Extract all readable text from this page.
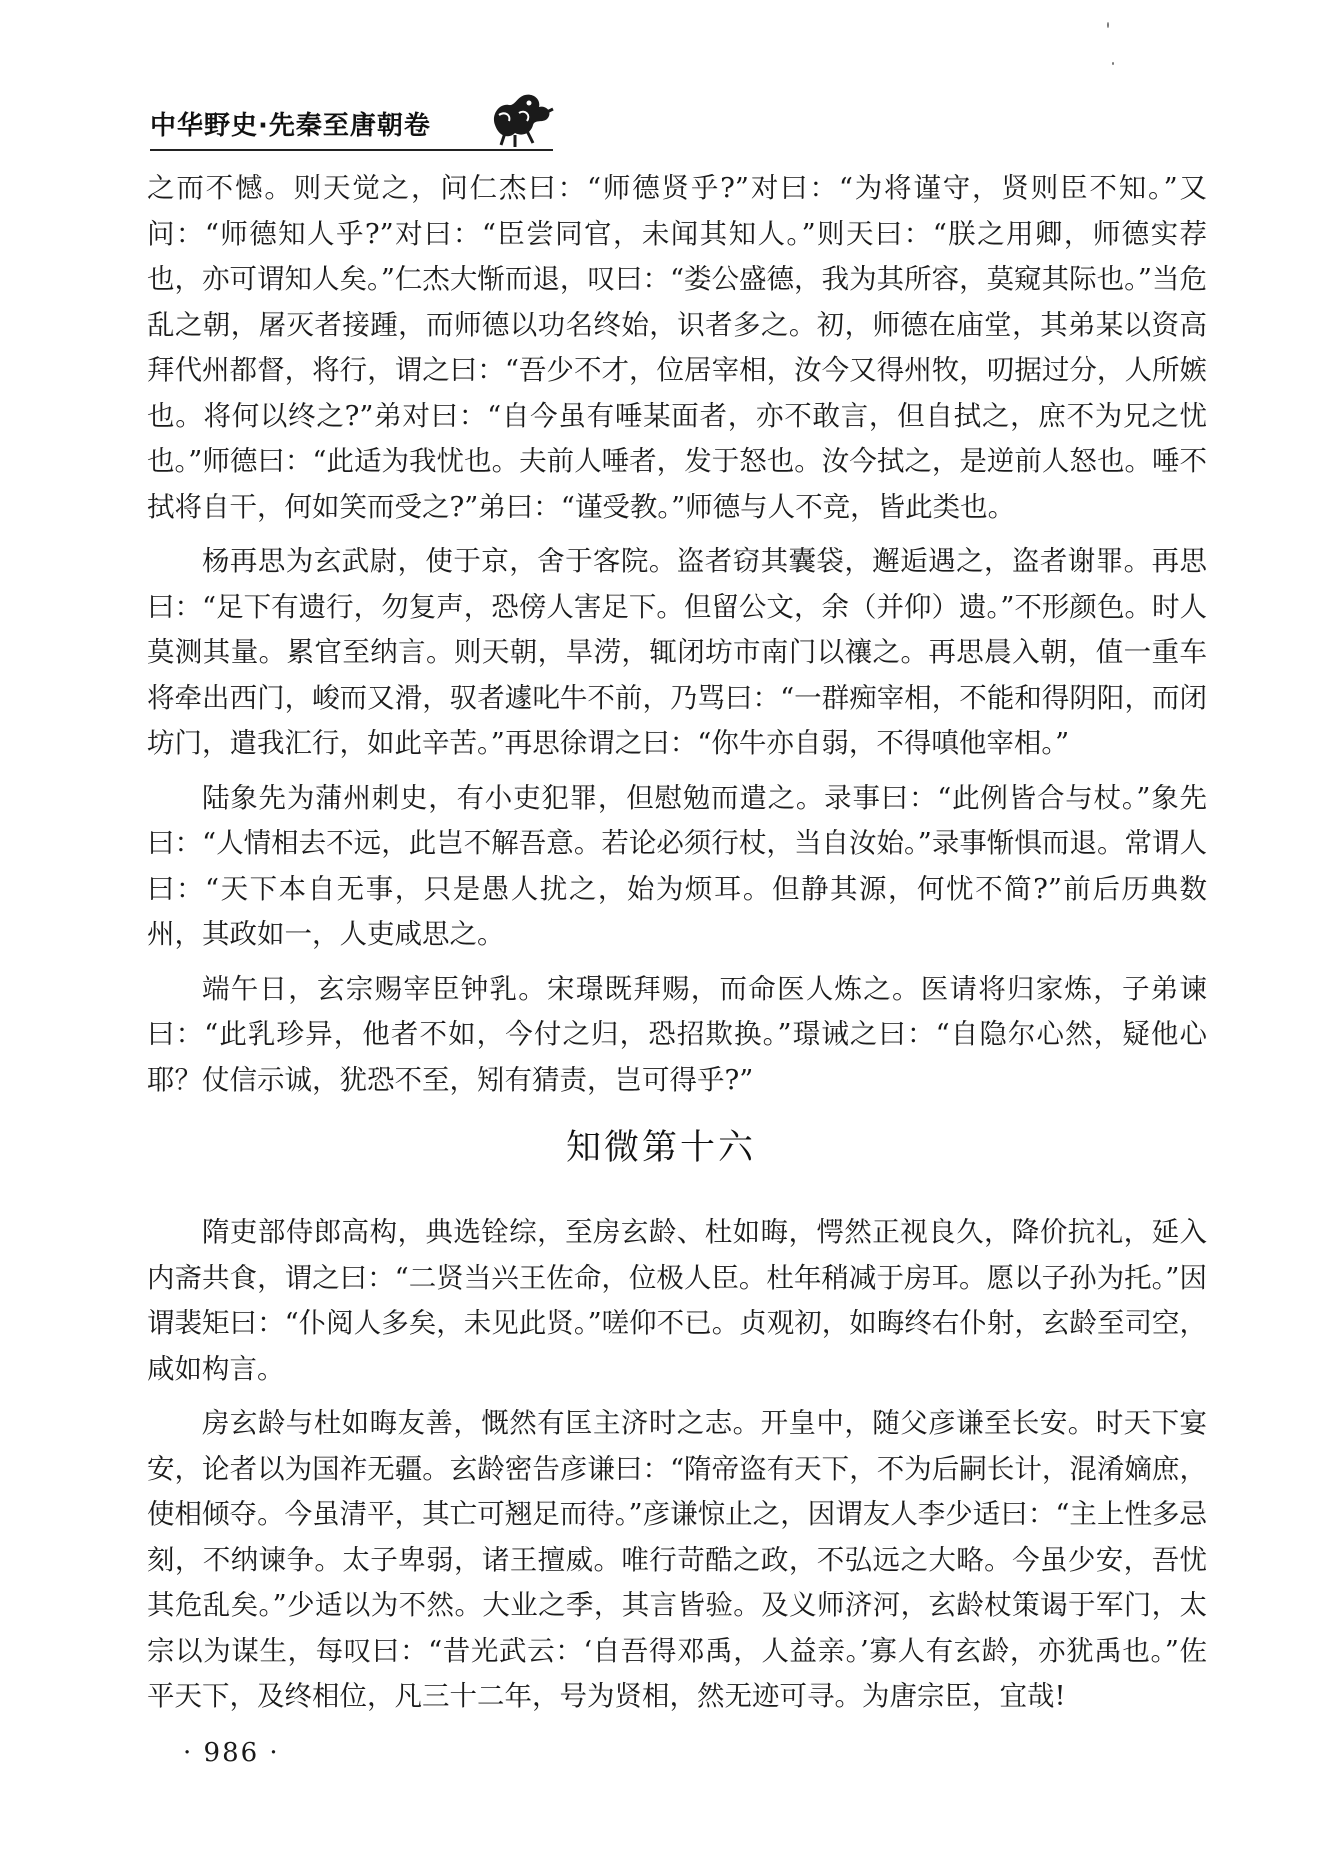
中华野史·先秦至唐朝卷

之而不憾。则天觉之，问仁杰曰：“师德贤乎?”对曰：“为将谨守，贤则臣不知。”又问：“师德知人乎?”对曰：“臣尝同官，未闻其知人。”则天曰：“朕之用卿，师德实荐也，亦可谓知人矣。”仁杰大惭而退，叹曰：“娄公盛德，我为其所容，莫窥其际也。”当危乱之朝，屠灭者接踵，而师德以功名终始，识者多之。初，师德在庙堂，其弟某以资高拜代州都督，将行，谓之曰：“吾少不才，位居宰相，汝今又得州牧，叨据过分，人所嫉也。将何以终之?”弟对曰：“自今虽有唾某面者，亦不敢言，但自拭之，庶不为兄之忧也。”师德曰：“此适为我忧也。夫前人唾者，发于怒也。汝今拭之，是逆前人怒也。唾不拭将自干，何如笑而受之?”弟曰：“谨受教。”师德与人不竞，皆此类也。

杨再思为玄武尉，使于京，舍于客院。盗者窃其囊袋，邂逅遇之，盗者谢罪。再思曰：“足下有遗行，勿复声，恐傍人害足下。但留公文，余（并仰）遗。”不形颜色。时人莫测其量。累官至纳言。则天朝，旱涝，辄闭坊市南门以禳之。再思晨入朝，值一重车将牵出西门，峻而又滑，驭者遽叱牛不前，乃骂曰：“一群痴宰相，不能和得阴阳，而闭坊门，遣我汇行，如此辛苦。”再思徐谓之曰：“你牛亦自弱，不得嗔他宰相。”

陆象先为蒲州刺史，有小吏犯罪，但慰勉而遣之。录事曰：“此例皆合与杖。”象先曰：“人情相去不远，此岂不解吾意。若论必须行杖，当自汝始。”录事惭惧而退。常谓人曰：“天下本自无事，只是愚人扰之，始为烦耳。但静其源，何忧不简?”前后历典数州，其政如一，人吏咸思之。

端午日，玄宗赐宰臣钟乳。宋璟既拜赐，而命医人炼之。医请将归家炼，子弟谏曰：“此乳珍异，他者不如，今付之归，恐招欺换。”璟诫之曰：“自隐尔心然，疑他心耶？仗信示诚，犹恐不至，矧有猜责，岂可得乎?”

知微第十六

隋吏部侍郎高构，典选铨综，至房玄龄、杜如晦，愕然正视良久，降价抗礼，延入内斋共食，谓之曰：“二贤当兴王佐命，位极人臣。杜年稍减于房耳。愿以子孙为托。”因谓裴矩曰：“仆阅人多矣，未见此贤。”嗟仰不已。贞观初，如晦终右仆射，玄龄至司空，咸如构言。

房玄龄与杜如晦友善，慨然有匡主济时之志。开皇中，随父彦谦至长安。时天下宴安，论者以为国祚无疆。玄龄密告彦谦曰：“隋帝盗有天下，不为后嗣长计，混淆嫡庶，使相倾夺。今虽清平，其亡可翘足而待。”彦谦惊止之，因谓友人李少适曰：“主上性多忌刻，不纳谏争。太子卑弱，诸王擅威。唯行苛酷之政，不弘远之大略。今虽少安，吾忧其危乱矣。”少适以为不然。大业之季，其言皆验。及义师济河，玄龄杖策谒于军门，太宗以为谋生，每叹曰：“昔光武云：‘自吾得邓禹，人益亲。’寡人有玄龄，亦犹禹也。”佐平天下，及终相位，凡三十二年，号为贤相，然无迹可寻。为唐宗臣，宜哉!

· 986 ·
